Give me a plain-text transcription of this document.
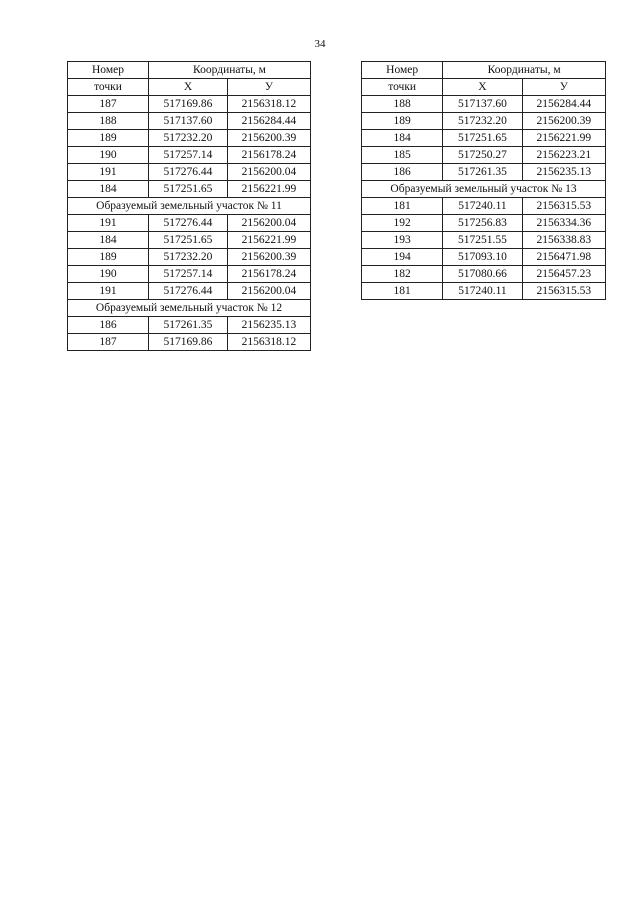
34
Номер	Координаты, м	
точки	X	У
187	517169.86	2156318.12
188	517137.60	2156284.44
189	517232.20	2156200.39
190	517257.14	2156178.24
191	517276.44	2156200.04
184	517251.65	2156221.99
Образуемый земельный участок № 11		
191	517276.44	2156200.04
184	517251.65	2156221.99
189	517232.20	2156200.39
190	517257.14	2156178.24
191	517276.44	2156200.04
Образуемый земельный участок № 12		
186	517261.35	2156235.13
187	517169.86	2156318.12
Номер	Координаты, м	
точки	X	У
188	517137.60	2156284.44
189	517232.20	2156200.39
184	517251.65	2156221.99
185	517250.27	2156223.21
186	517261.35	2156235.13
Образуемый земельный участок № 13		
181	517240.11	2156315.53
192	517256.83	2156334.36
193	517251.55	2156338.83
194	517093.10	2156471.98
182	517080.66	2156457.23
181	517240.11	2156315.53
